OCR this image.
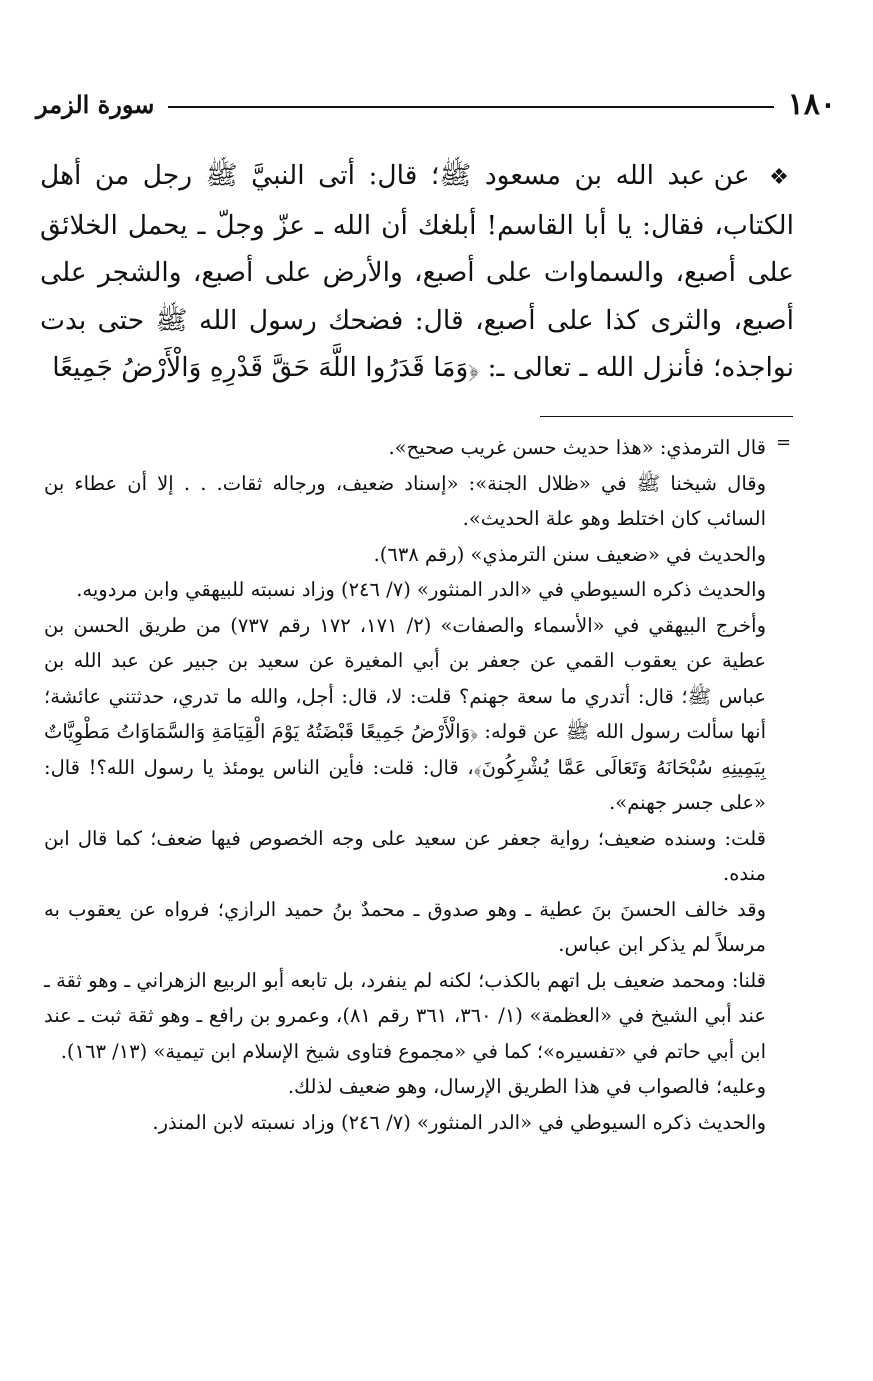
١٨٠
سورة الزمر

❖ عن عبد الله بن مسعود ﷺ؛ قال: أتى النبيَّ ﷺ رجل من أهل الكتاب، فقال: يا أبا القاسم! أبلغك أن الله ـ عزّ وجلّ ـ يحمل الخلائق على أصبع، والسماوات على أصبع، والأرض على أصبع، والشجر على أصبع، والثرى كذا على أصبع، قال: فضحك رسول الله ﷺ حتى بدت نواجذه؛ فأنزل الله ـ تعالى ـ: ﴿وَمَا قَدَرُوا اللَّهَ حَقَّ قَدْرِهِ وَالْأَرْضُ جَمِيعًا

=

قال الترمذي: «هذا حديث حسن غريب صحيح».

وقال شيخنا ﷺ في «ظلال الجنة»: «إسناد ضعيف، ورجاله ثقات. . . إلا أن عطاء بن السائب كان اختلط وهو علة الحديث».

والحديث في «ضعيف سنن الترمذي» (رقم ٦٣٨).

والحديث ذكره السيوطي في «الدر المنثور» (٧/ ٢٤٦) وزاد نسبته للبيهقي وابن مردويه.

وأخرج البيهقي في «الأسماء والصفات» (٢/ ١٧١، ١٧٢ رقم ٧٣٧) من طريق الحسن بن عطية عن يعقوب القمي عن جعفر بن أبي المغيرة عن سعيد بن جبير عن عبد الله بن عباس ﷺ؛ قال: أتدري ما سعة جهنم؟ قلت: لا، قال: أجل، والله ما تدري، حدثتني عائشة؛ أنها سألت رسول الله ﷺ عن قوله: ﴿وَالْأَرْضُ جَمِيعًا قَبْضَتُهُ يَوْمَ الْقِيَامَةِ وَالسَّمَاوَاتُ مَطْوِيَّاتٌ بِيَمِينِهِ سُبْحَانَهُ وَتَعَالَى عَمَّا يُشْرِكُونَ﴾، قال: قلت: فأين الناس يومئذ يا رسول الله؟! قال: «على جسر جهنم».

قلت: وسنده ضعيف؛ رواية جعفر عن سعيد على وجه الخصوص فيها ضعف؛ كما قال ابن منده.

وقد خالف الحسنَ بنَ عطية ـ وهو صدوق ـ محمدٌ بنُ حميد الرازي؛ فرواه عن يعقوب به مرسلاً لم يذكر ابن عباس.

قلنا: ومحمد ضعيف بل اتهم بالكذب؛ لكنه لم ينفرد، بل تابعه أبو الربيع الزهراني ـ وهو ثقة ـ عند أبي الشيخ في «العظمة» (١/ ٣٦٠، ٣٦١ رقم ٨١)، وعمرو بن رافع ـ وهو ثقة ثبت ـ عند ابن أبي حاتم في «تفسيره»؛ كما في «مجموع فتاوى شيخ الإسلام ابن تيمية» (١٣/ ١٦٣).

وعليه؛ فالصواب في هذا الطريق الإرسال، وهو ضعيف لذلك.

والحديث ذكره السيوطي في «الدر المنثور» (٧/ ٢٤٦) وزاد نسبته لابن المنذر.
